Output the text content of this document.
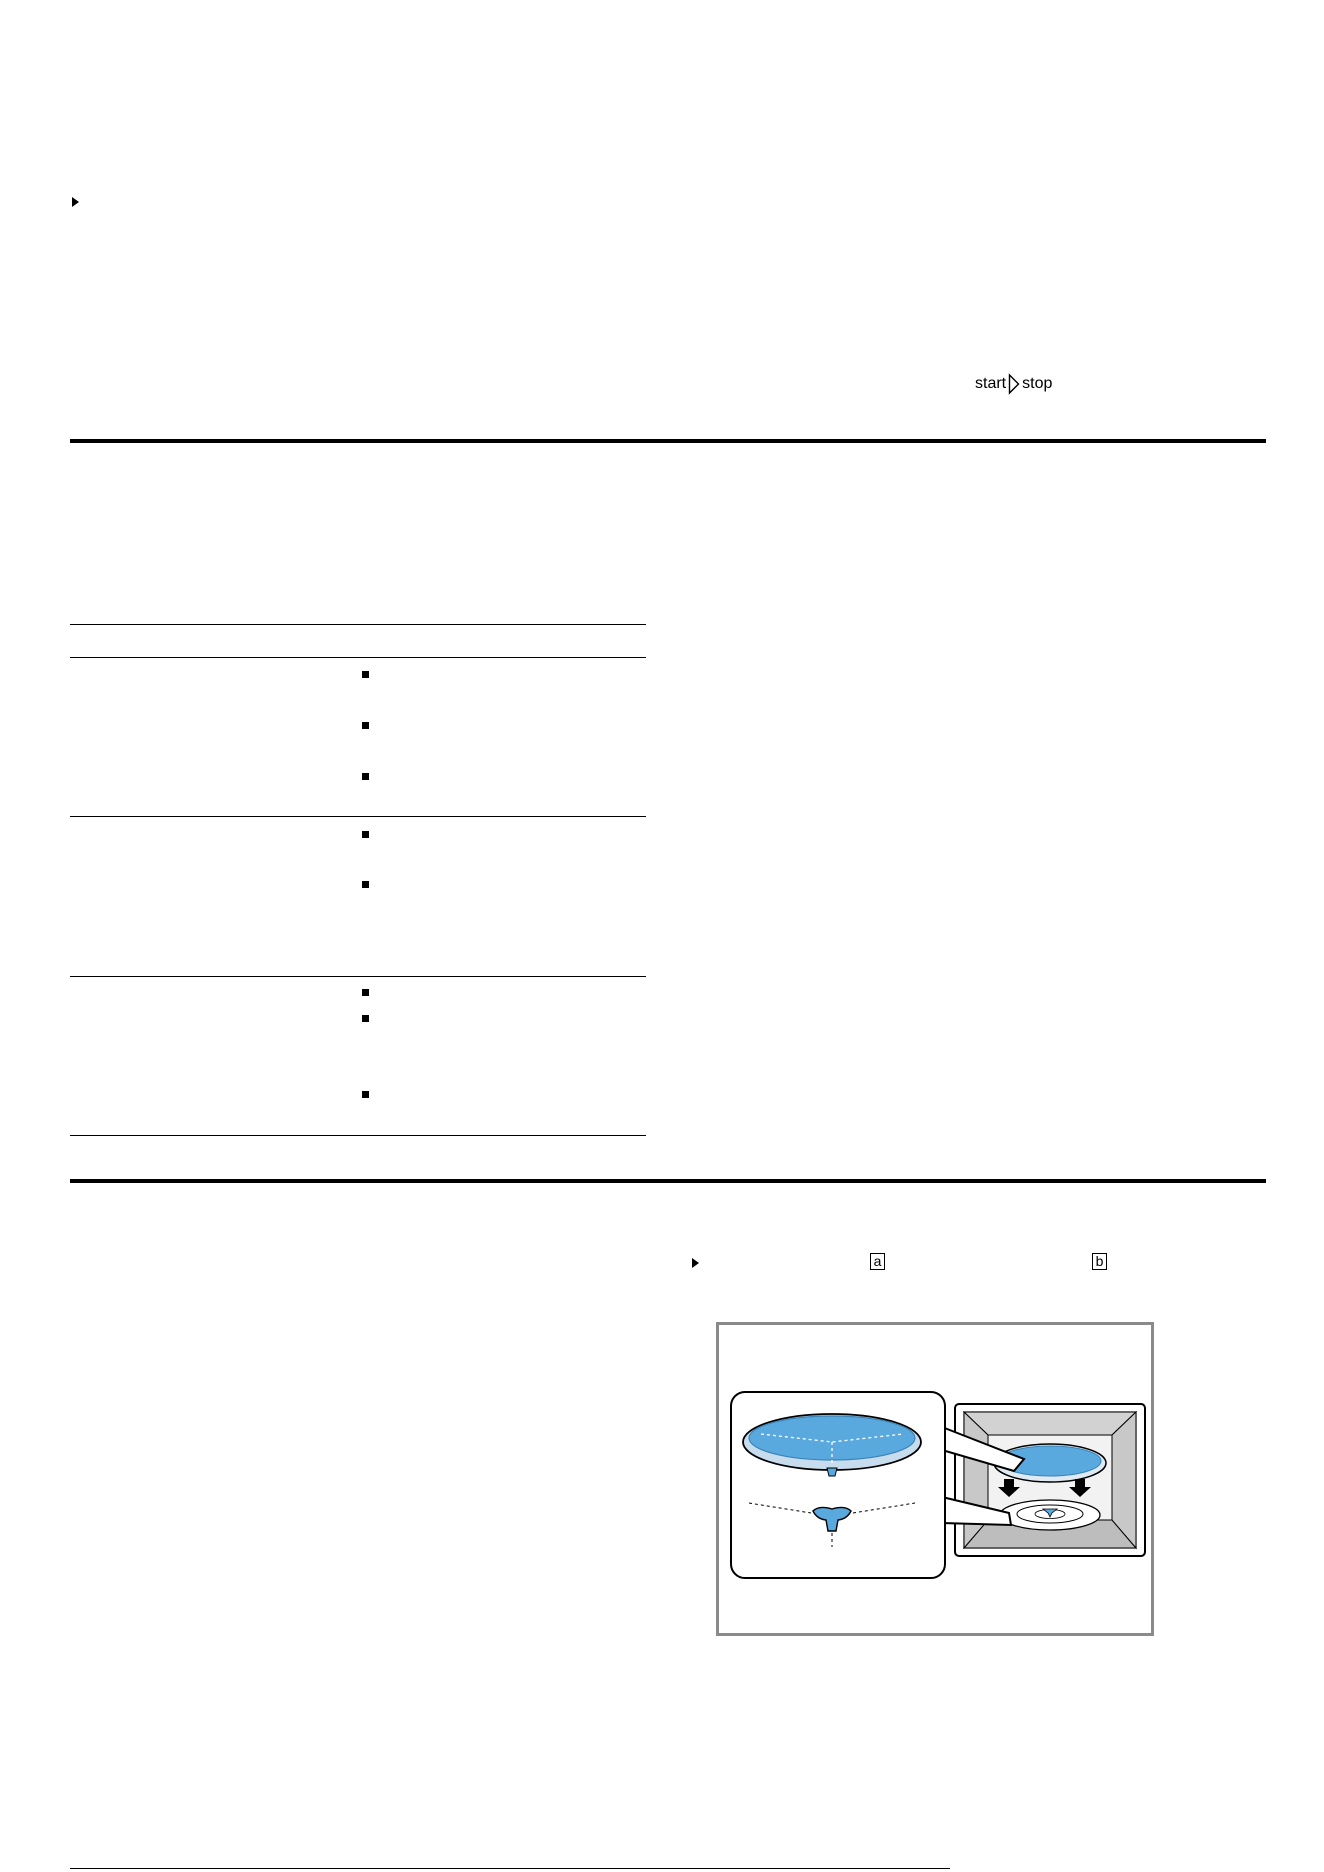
start stop
a	b
